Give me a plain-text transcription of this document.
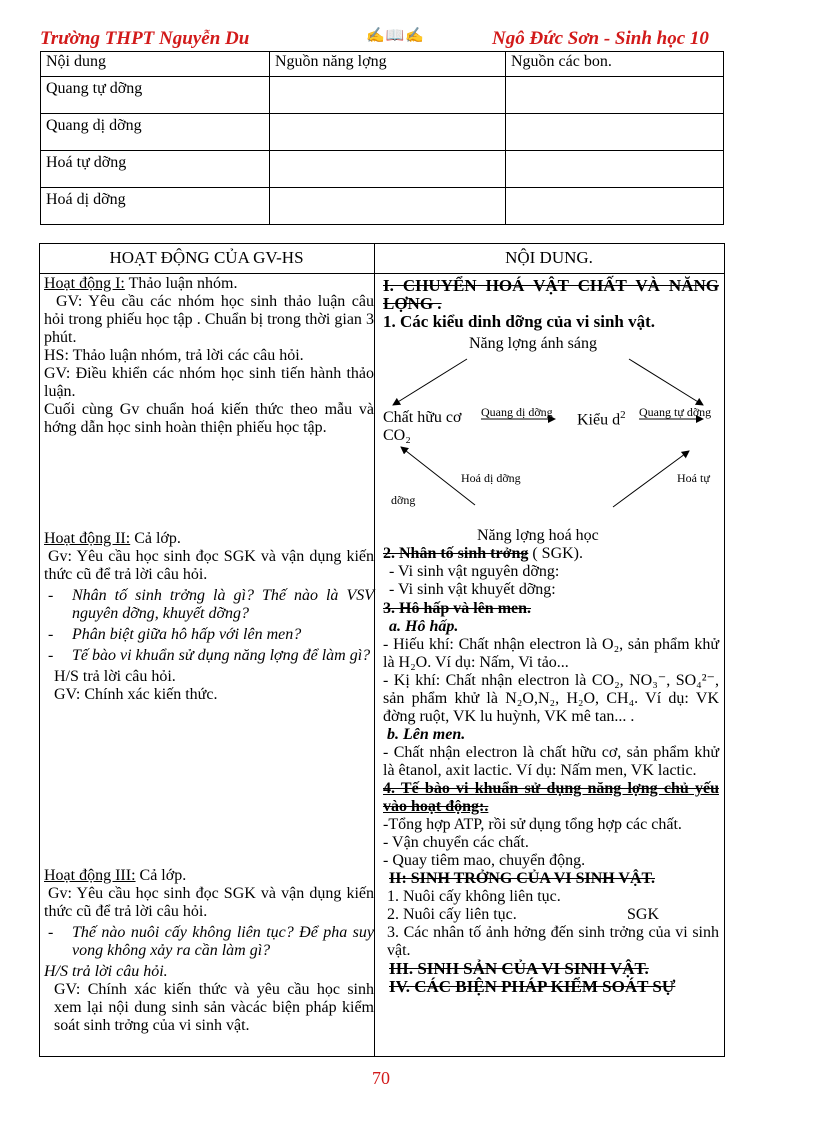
Trường THPT Nguyễn Du	✍📖✍	Ngô Đức Sơn - Sinh học 10
Nội dung	Nguồn năng lợng	Nguồn các bon.
Quang tự dỡng		
Quang dị dỡng		
Hoá tự dỡng		
Hoá dị dỡng		
HOẠT ĐỘNG CỦA GV-HS	NỘI DUNG.
Hoạt động I: Thảo luận nhóm.
GV: Yêu cầu các nhóm học sinh thảo luận câu hỏi trong phiếu học tập . Chuẩn bị trong thời gian 3 phút.
HS: Thảo luận nhóm, trả lời các câu hỏi.
GV: Điều khiển các nhóm học sinh tiến hành thảo luận.
Cuối cùng Gv chuẩn hoá kiến thức theo mẫu và hớng dẫn học sinh hoàn thiện phiếu học tập.
Hoạt động II: Cả lớp.
Gv: Yêu cầu học sinh đọc SGK và vận dụng kiến thức cũ để trả lời câu hỏi.
- Nhân tố sinh trởng là gì? Thế nào là VSV nguyên dỡng, khuyết dỡng?
- Phân biệt giữa hô hấp với lên men?
- Tế bào vi khuẩn sử dụng năng lợng để làm gì?
H/S trả lời câu hỏi.
GV: Chính xác kiến thức.
Hoạt động III: Cả lớp.
Gv: Yêu cầu học sinh đọc SGK và vận dụng kiến thức cũ để trả lời câu hỏi.
- Thế nào nuôi cấy không liên tục? Để pha suy vong không xảy ra cần làm gì?
H/S trả lời câu hỏi.
GV: Chính xác kiến thức và yêu cầu học sinh xem lại nội dung sinh sản vàcác biện pháp kiểm soát sinh trởng của vi sinh vật.
I. CHUYỂN HOÁ VẬT CHẤT VÀ NĂNG LỢNG .
1. Các kiểu dinh dỡng của vi sinh vật.
Năng lợng ánh sáng
Chất hữu cơ Quang dị dỡng Kiểu $d^2$ Quang tự dỡng
CO₂
Hoá dị dỡng	Hoá tự
dỡng
Năng lợng hoá học
2. Nhân tố sinh trởng ( SGK).
- Vi sinh vật nguyên dỡng:
- Vi sinh vật khuyết dỡng:
3. Hô hấp và lên men.
a. Hô hấp.
- Hiếu khí: Chất nhận electron là O₂, sản phẩm khử là H₂O. Ví dụ: Nấm, Vi tảo...
- Kị khí: Chất nhận electron là CO₂, NO₃⁻, SO₄²⁻, sản phẩm khử là N₂O,N₂, H₂O, CH₄. Ví dụ: VK đờng ruột, VK lu huỳnh, VK mê tan... .
b. Lên men.
- Chất nhận electron là chất hữu cơ, sản phẩm khử là êtanol, axit lactic. Ví dụ: Nấm men, VK lactic.
4. Tế bào vi khuẩn sử dụng năng lợng chủ yếu vào hoạt động:.
-Tổng hợp ATP, rồi sử dụng tổng hợp các chất.
- Vận chuyển các chất.
- Quay tiêm mao, chuyển động.
II: SINH TRỞNG CỦA VI SINH VẬT.
1. Nuôi cấy không liên tục.
2. Nuôi cấy liên tục.	SGK
3. Các nhân tố ảnh hởng đến sinh trởng của vi sinh vật.
III. SINH SẢN CỦA VI SINH VẬT.
IV. CÁC BIỆN PHÁP KIỂM SOÁT SỰ
70
